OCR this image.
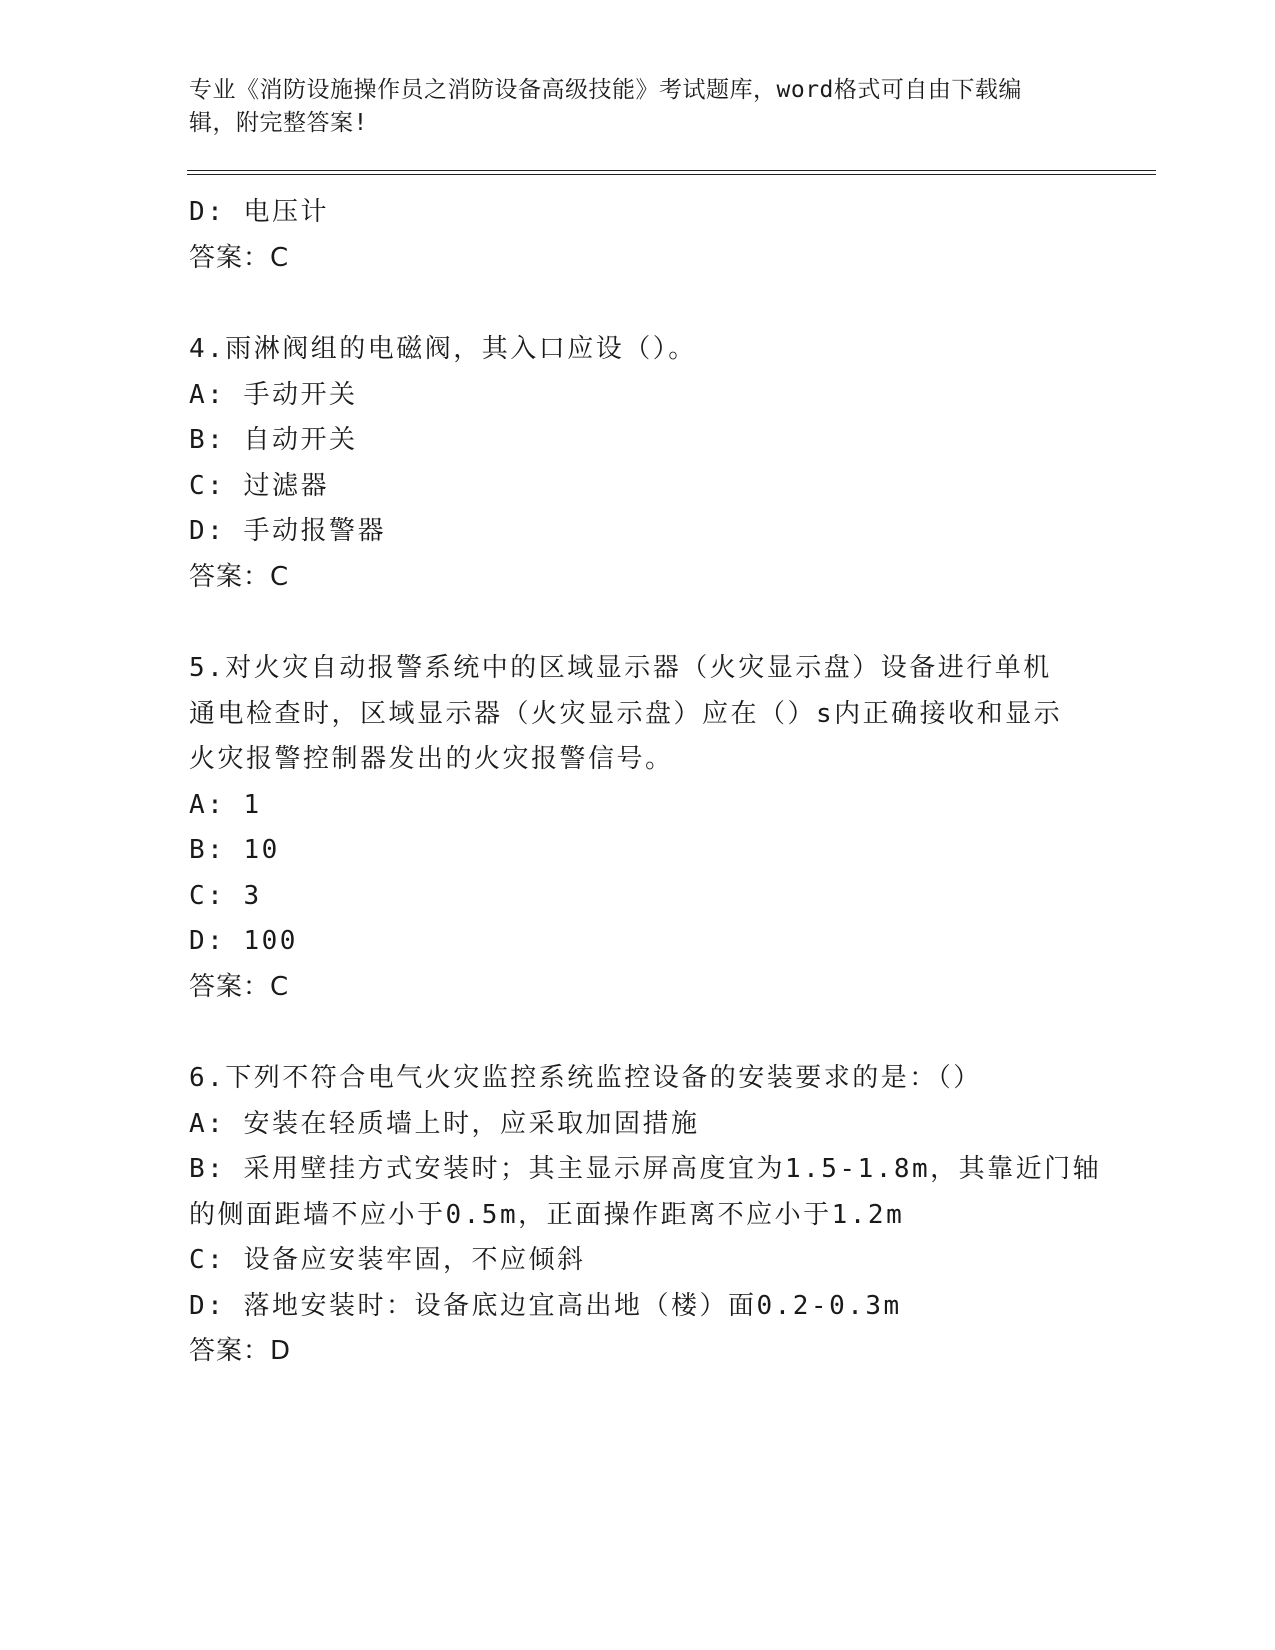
专业《消防设施操作员之消防设备高级技能》考试题库，word格式可自由下载编
辑，附完整答案!
D: 电压计
答案：C
4.雨淋阀组的电磁阀，其入口应设（）。
A: 手动开关
B: 自动开关
C: 过滤器
D: 手动报警器
答案：C
5.对火灾自动报警系统中的区域显示器（火灾显示盘）设备进行单机
通电检查时，区域显示器（火灾显示盘）应在（）s内正确接收和显示
火灾报警控制器发出的火灾报警信号。
A: 1
B: 10
C: 3
D: 100
答案：C
6.下列不符合电气火灾监控系统监控设备的安装要求的是：（）
A: 安装在轻质墙上时，应采取加固措施
B: 采用壁挂方式安装时；其主显示屏高度宜为1.5-1.8m，其靠近门轴
的侧面距墙不应小于0.5m，正面操作距离不应小于1.2m
C: 设备应安装牢固，不应倾斜
D: 落地安装时：设备底边宜高出地（楼）面0.2-0.3m
答案：D
